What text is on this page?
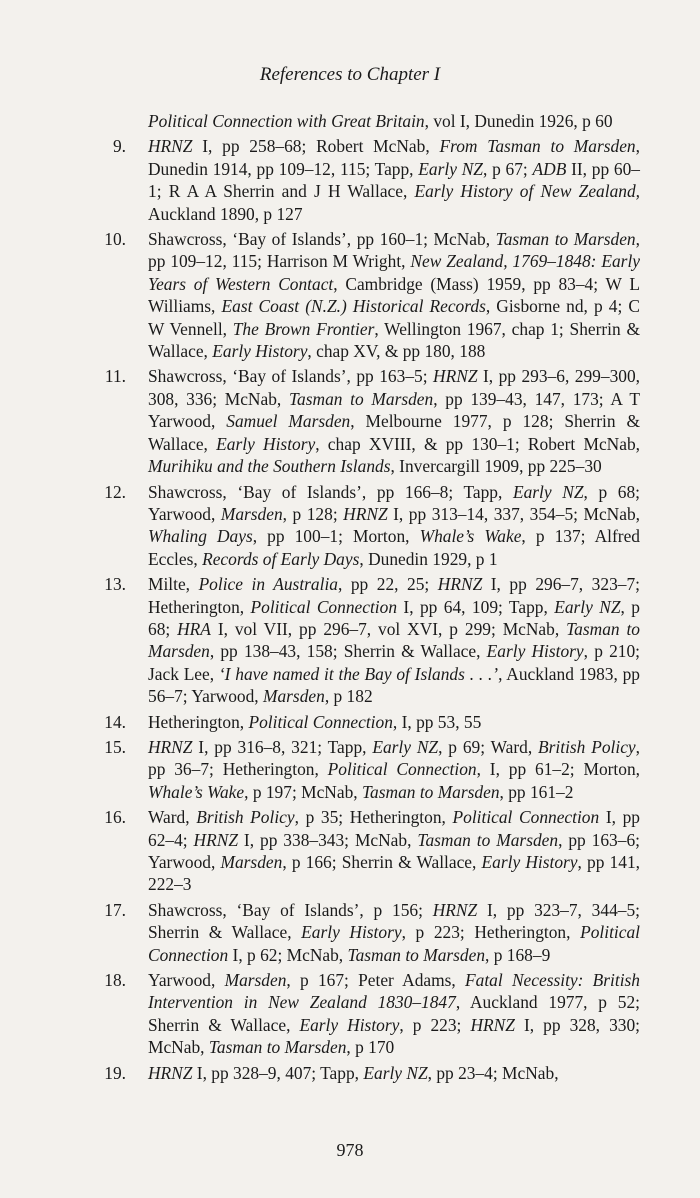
References to Chapter I
Political Connection with Great Britain, vol I, Dunedin 1926, p 60
9. HRNZ I, pp 258–68; Robert McNab, From Tasman to Marsden, Dunedin 1914, pp 109–12, 115; Tapp, Early NZ, p 67; ADB II, pp 60–1; R A A Sherrin and J H Wallace, Early History of New Zealand, Auckland 1890, p 127
10. Shawcross, ‘Bay of Islands’, pp 160–1; McNab, Tasman to Marsden, pp 109–12, 115; Harrison M Wright, New Zealand, 1769–1848: Early Years of Western Contact, Cambridge (Mass) 1959, pp 83–4; W L Williams, East Coast (N.Z.) Historical Records, Gisborne nd, p 4; C W Vennell, The Brown Frontier, Wellington 1967, chap 1; Sherrin & Wallace, Early History, chap XV, & pp 180, 188
11. Shawcross, ‘Bay of Islands’, pp 163–5; HRNZ I, pp 293–6, 299–300, 308, 336; McNab, Tasman to Marsden, pp 139–43, 147, 173; A T Yarwood, Samuel Marsden, Melbourne 1977, p 128; Sherrin & Wallace, Early History, chap XVIII, & pp 130–1; Robert McNab, Murihiku and the Southern Islands, Invercargill 1909, pp 225–30
12. Shawcross, ‘Bay of Islands’, pp 166–8; Tapp, Early NZ, p 68; Yarwood, Marsden, p 128; HRNZ I, pp 313–14, 337, 354–5; McNab, Whaling Days, pp 100–1; Morton, Whale’s Wake, p 137; Alfred Eccles, Records of Early Days, Dunedin 1929, p 1
13. Milte, Police in Australia, pp 22, 25; HRNZ I, pp 296–7, 323–7; Hetherington, Political Connection I, pp 64, 109; Tapp, Early NZ, p 68; HRA I, vol VII, pp 296–7, vol XVI, p 299; McNab, Tasman to Marsden, pp 138–43, 158; Sherrin & Wallace, Early History, p 210; Jack Lee, ‘I have named it the Bay of Islands . . .’, Auckland 1983, pp 56–7; Yarwood, Marsden, p 182
14. Hetherington, Political Connection, I, pp 53, 55
15. HRNZ I, pp 316–8, 321; Tapp, Early NZ, p 69; Ward, British Policy, pp 36–7; Hetherington, Political Connection, I, pp 61–2; Morton, Whale’s Wake, p 197; McNab, Tasman to Marsden, pp 161–2
16. Ward, British Policy, p 35; Hetherington, Political Connection I, pp 62–4; HRNZ I, pp 338–343; McNab, Tasman to Marsden, pp 163–6; Yarwood, Marsden, p 166; Sherrin & Wallace, Early History, pp 141, 222–3
17. Shawcross, ‘Bay of Islands’, p 156; HRNZ I, pp 323–7, 344–5; Sherrin & Wallace, Early History, p 223; Hetherington, Political Connection I, p 62; McNab, Tasman to Marsden, p 168–9
18. Yarwood, Marsden, p 167; Peter Adams, Fatal Necessity: British Intervention in New Zealand 1830–1847, Auckland 1977, p 52; Sherrin & Wallace, Early History, p 223; HRNZ I, pp 328, 330; McNab, Tasman to Marsden, p 170
19. HRNZ I, pp 328–9, 407; Tapp, Early NZ, pp 23–4; McNab,
978
